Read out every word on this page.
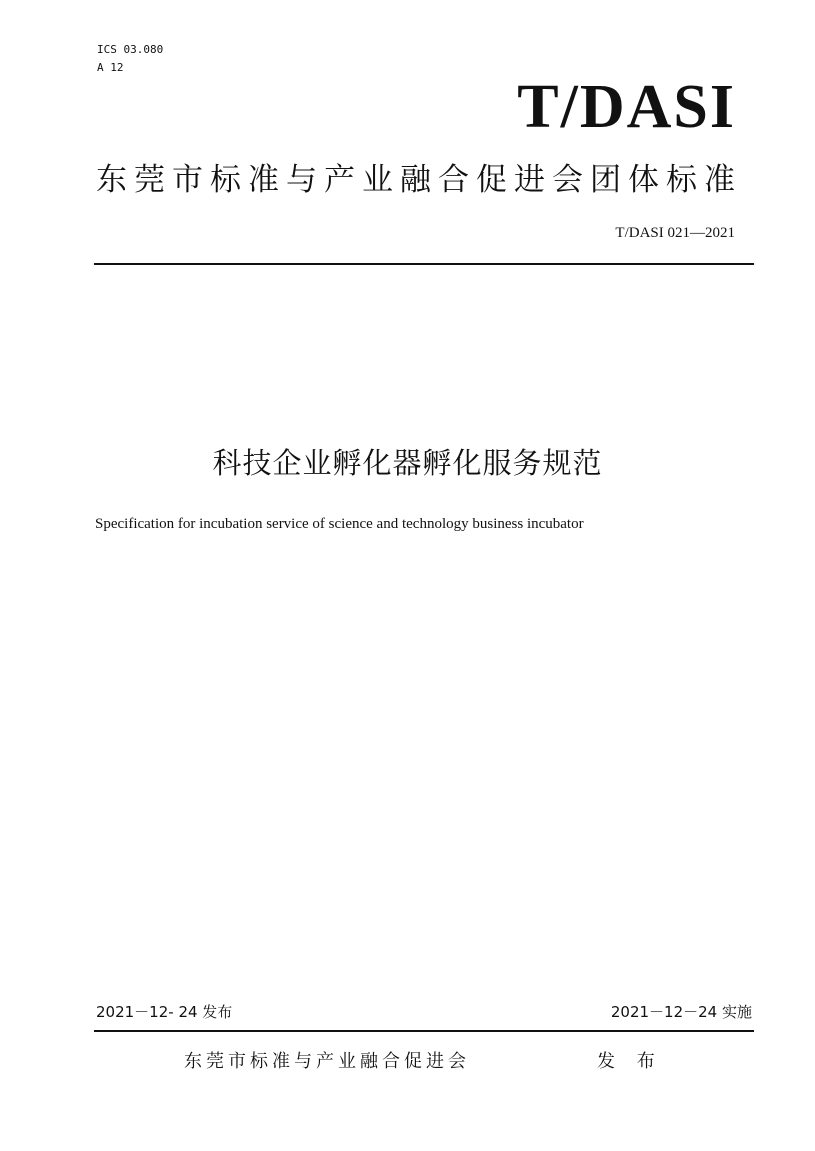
ICS 03.080
A 12
T/DASI
东莞市标准与产业融合促进会团体标准
T/DASI 021—2021
科技企业孵化器孵化服务规范
Specification for incubation service of science and technology business incubator
2021－12- 24 发布	2021－12－24 实施
东莞市标准与产业融合促进会	发 布
